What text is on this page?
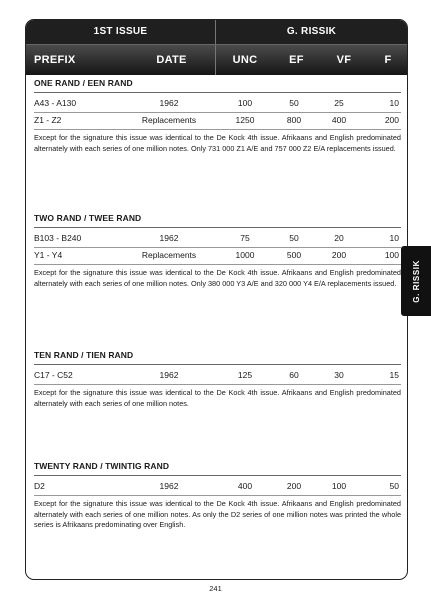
1ST ISSUE	G. RISSIK
PREFIX	DATE	UNC	EF	VF	F
ONE RAND / EEN RAND
A43 - A130	1962	100	50	25	10
Z1 - Z2	Replacements	1250	800	400	200
Except for the signature this issue was identical to the De Kock 4th issue. Afrikaans and English predominated alternately with each series of one million notes. Only 731 000 Z1 A/E and 757 000 Z2 E/A replacements issued.
TWO RAND / TWEE RAND
B103 - B240	1962	75	50	20	10
Y1 - Y4	Replacements	1000	500	200	100
Except for the signature this issue was identical to the De Kock 4th issue. Afrikaans and English predominated alternately with each series of one million notes. Only 380 000 Y3 A/E and 320 000 Y4 E/A replacements issued.
TEN RAND / TIEN RAND
C17 - C52	1962	125	60	30	15
Except for the signature this issue was identical to the De Kock 4th issue. Afrikaans and English predominated alternately with each series of one million notes.
TWENTY RAND / TWINTIG RAND
D2	1962	400	200	100	50
Except for the signature this issue was identical to the De Kock 4th issue. Afrikaans and English predominated alternately with each series of one million notes. As only the D2 series of one million notes was printed the whole series is Afrikaans predominating over English.
G. RISSIK
241
